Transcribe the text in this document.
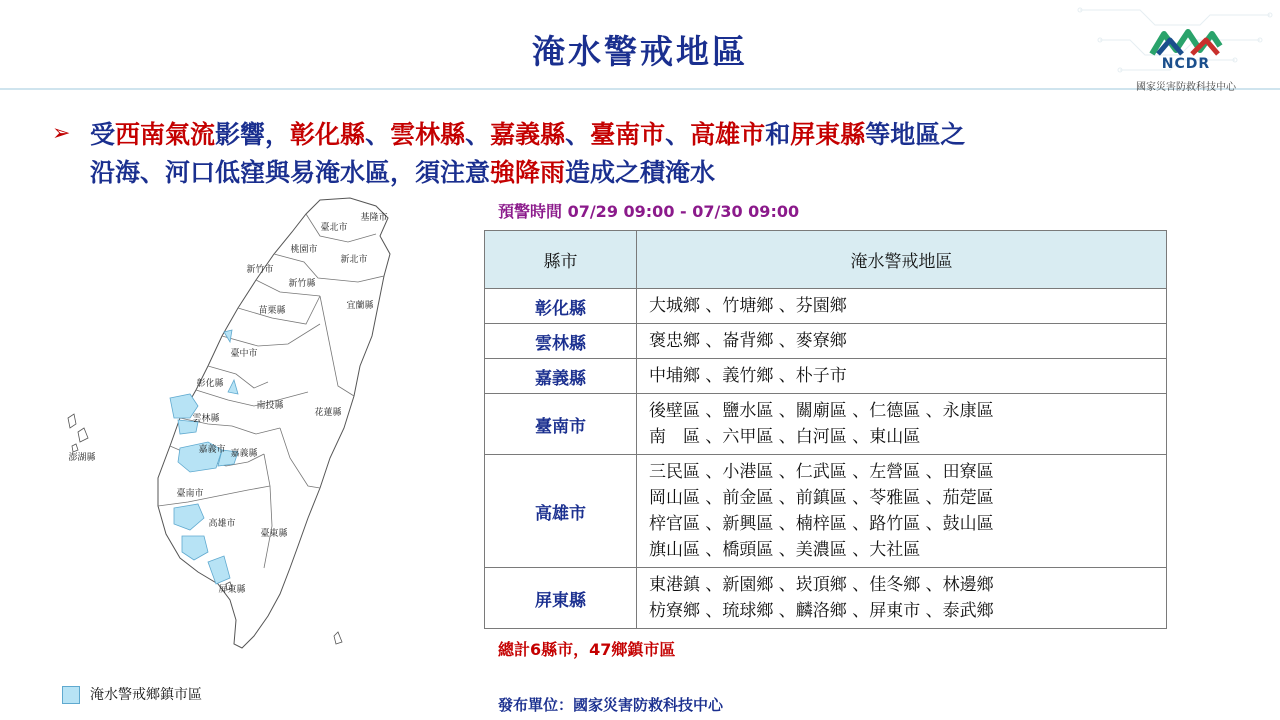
淹水警戒地區	NCDR
國家災害防救科技中心
➢ 受西南氣流影響，彰化縣、雲林縣、嘉義縣、臺南市、高雄市和屏東縣等地區之
沿海、河口低窪與易淹水區，須注意強降雨造成之積淹水
基隆市
臺北市
桃園市
新北市
新竹市
新竹縣
苗栗縣	宜蘭縣
臺中市
彰化縣
南投縣
花蓮縣
雲林縣
嘉義市 嘉義縣
澎湖縣
臺南市
高雄市
臺東縣
屏東縣
預警時間 07/29 09:00 - 07/30 09:00
縣市	淹水警戒地區
彰化縣	大城鄉 、竹塘鄉 、芬園鄉

雲林縣	褒忠鄉 、崙背鄉 、麥寮鄉

嘉義縣	中埔鄉 、義竹鄉 、朴子市

臺南市	後壁區 、鹽水區 、關廟區 、仁德區 、永康區
南　區 、六甲區 、白河區 、東山區

高雄市	三民區 、小港區 、仁武區 、左營區 、田寮區
岡山區 、前金區 、前鎮區 、苓雅區 、茄萣區
梓官區 、新興區 、楠梓區 、路竹區 、鼓山區
旗山區 、橋頭區 、美濃區 、大社區

屏東縣	東港鎮 、新園鄉 、崁頂鄉 、佳冬鄉 、林邊鄉
枋寮鄉 、琉球鄉 、麟洛鄉 、屏東市 、泰武鄉
總計6縣市，47鄉鎮市區
淹水警戒鄉鎮市區
發布單位：國家災害防救科技中心
